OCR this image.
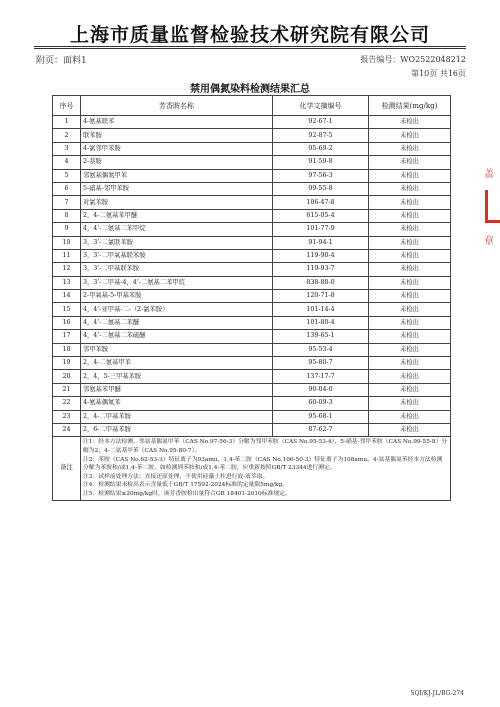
上海市质量监督检验技术研究院有限公司
附页：面料1	报告编号：WO2522048212
第10页 共16页
禁用偶氮染料检测结果汇总
序号	芳香胺名称	化学文摘编号	检测结果(mg/kg)
1	4-氨基联苯	92-67-1	未检出
2	联苯胺	92-87-5	未检出
3	4-氯邻甲苯胺	95-69-2	未检出
4	2-萘胺	91-59-8	未检出
5	邻氨基偶氮甲苯	97-56-3	未检出
6	5-硝基-邻甲苯胺	99-55-8	未检出
7	对氯苯胺	106-47-8	未检出
8	2，4-二氨基苯甲醚	615-05-4	未检出
9	4，4’-二氨基二苯甲烷	101-77-9	未检出
10	3，3’-二氯联苯胺	91-94-1	未检出
11	3，3’-二甲氧基联苯胺	119-90-4	未检出
12	3，3’-二甲基联苯胺	119-93-7	未检出
13	3，3’-二甲基-4，4’-二氨基二苯甲烷	838-88-0	未检出
14	2-甲氧基-5-甲基苯胺	120-71-8	未检出
15	4，4’-亚甲基-二-（2-氯苯胺）	101-14-4	未检出
16	4，4’-二氨基二苯醚	101-80-4	未检出
17	4，4’-二氨基二苯硫醚	139-65-1	未检出
18	邻甲苯胺	95-53-4	未检出
19	2，4-二氨基甲苯	95-80-7	未检出
20	2，4，5-三甲基苯胺	137-17-7	未检出
21	邻氨基苯甲醚	90-04-0	未检出
22	4-氨基偶氮苯	60-09-3	未检出
23	2，4-二甲基苯胺	95-68-1	未检出
24	2，6-二甲基苯胺	87-62-7	未检出
备注	注1：经本方法检测，邻氨基偶氮甲苯（CAS No.97-56-3）分解为邻甲苯胺（CAS No.95-53-4），5-硝基-邻甲苯胺（CAS No.99-55-8）分解为2，4-二氨基甲苯（CAS No.95-80-7）。
注2：苯胺（CAS No.62-53-3）特征离子为93amu，1,4-苯二胺（CAS No.106-50-3）特征离子为108amu。4-氨基偶氮苯经本方法检测分解为苯胺和/或1,4-苯二胺，如检测到苯胺和/或1,4-苯二胺，应重新按照GB/T 23344进行测定。
注3：试样前处理方法：直接还原处理，不使用硅藻土柱进行液-液萃取。
注4：检测结果未检出表示含量低于GB/T 17592-2024标准的定量限5mg/kg。
注5：检测结果≤20mg/kg时，该芳香胺检出量符合GB 18401-2010标准规定。		
盖
章
SQI/KJ-JL/BG-274
